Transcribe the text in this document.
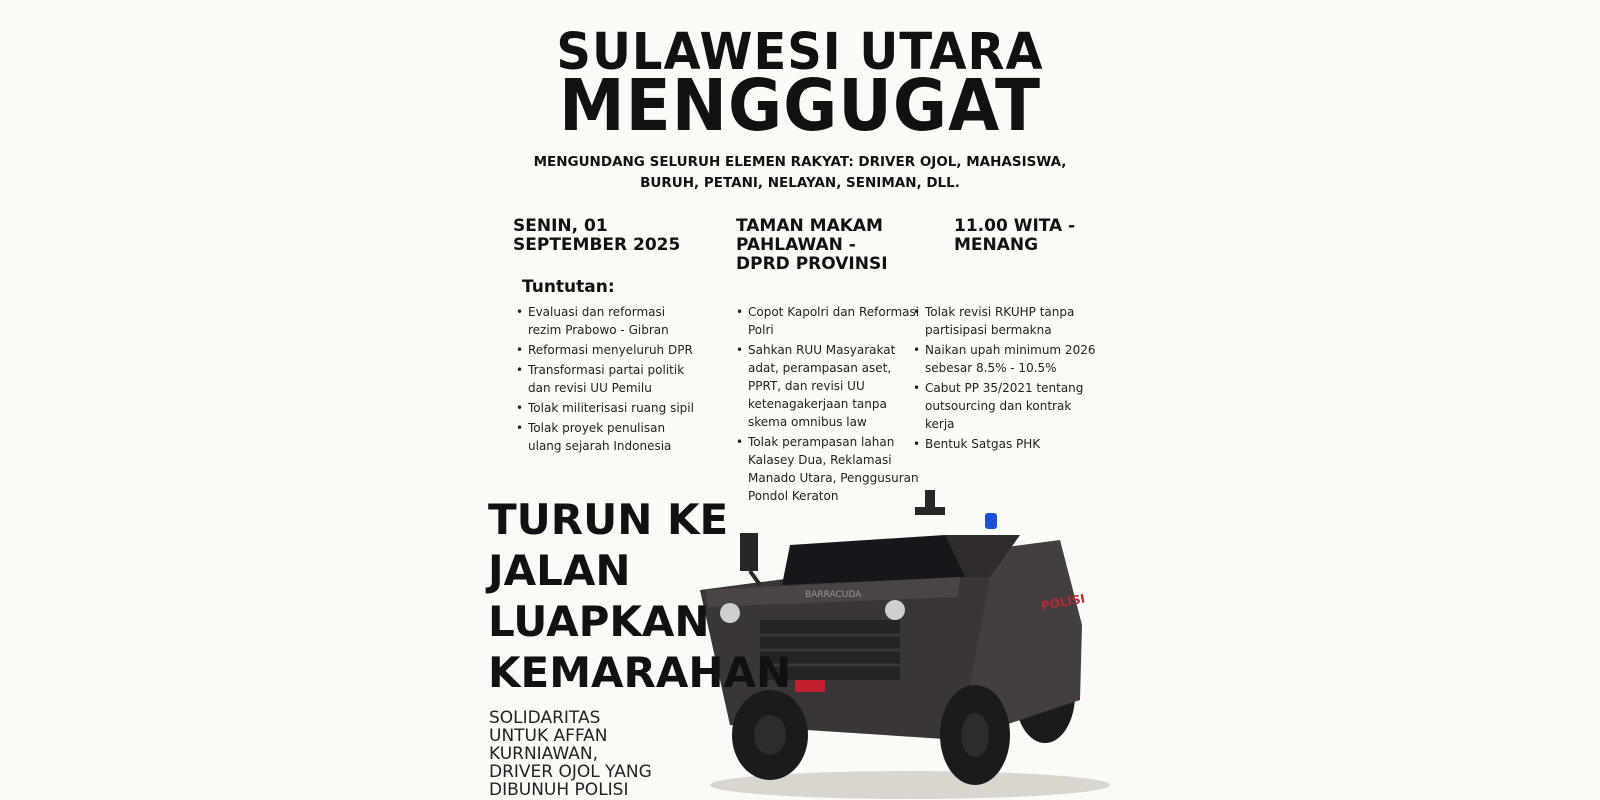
SULAWESI UTARA
MENGGUGAT
MENGUNDANG SELURUH ELEMEN RAKYAT: DRIVER OJOL, MAHASISWA,
BURUH, PETANI, NELAYAN, SENIMAN, DLL.
SENIN, 01
SEPTEMBER 2025
TAMAN MAKAM
PAHLAWAN -
DPRD PROVINSI
11.00 WITA -
MENANG
Tuntutan:
• Evaluasi dan reformasi rezim Prabowo - Gibran
• Reformasi menyeluruh DPR
• Transformasi partai politik dan revisi UU Pemilu
• Tolak militerisasi ruang sipil
• Tolak proyek penulisan ulang sejarah Indonesia
• Copot Kapolri dan Reformasi Polri
• Sahkan RUU Masyarakat adat, perampasan aset, PPRT, dan revisi UU ketenagakerjaan tanpa skema omnibus law
• Tolak perampasan lahan Kalasey Dua, Reklamasi Manado Utara, Penggusuran Pondol Keraton
• Tolak revisi RKUHP tanpa partisipasi bermakna
• Naikan upah minimum 2026 sebesar 8.5% - 10.5%
• Cabut PP 35/2021 tentang outsourcing dan kontrak kerja
• Bentuk Satgas PHK
TURUN KE
JALAN
LUAPKAN
KEMARAHAN
SOLIDARITAS
UNTUK AFFAN
KURNIAWAN,
DRIVER OJOL YANG
DIBUNUH POLISI
BARRACUDA	POLISI
